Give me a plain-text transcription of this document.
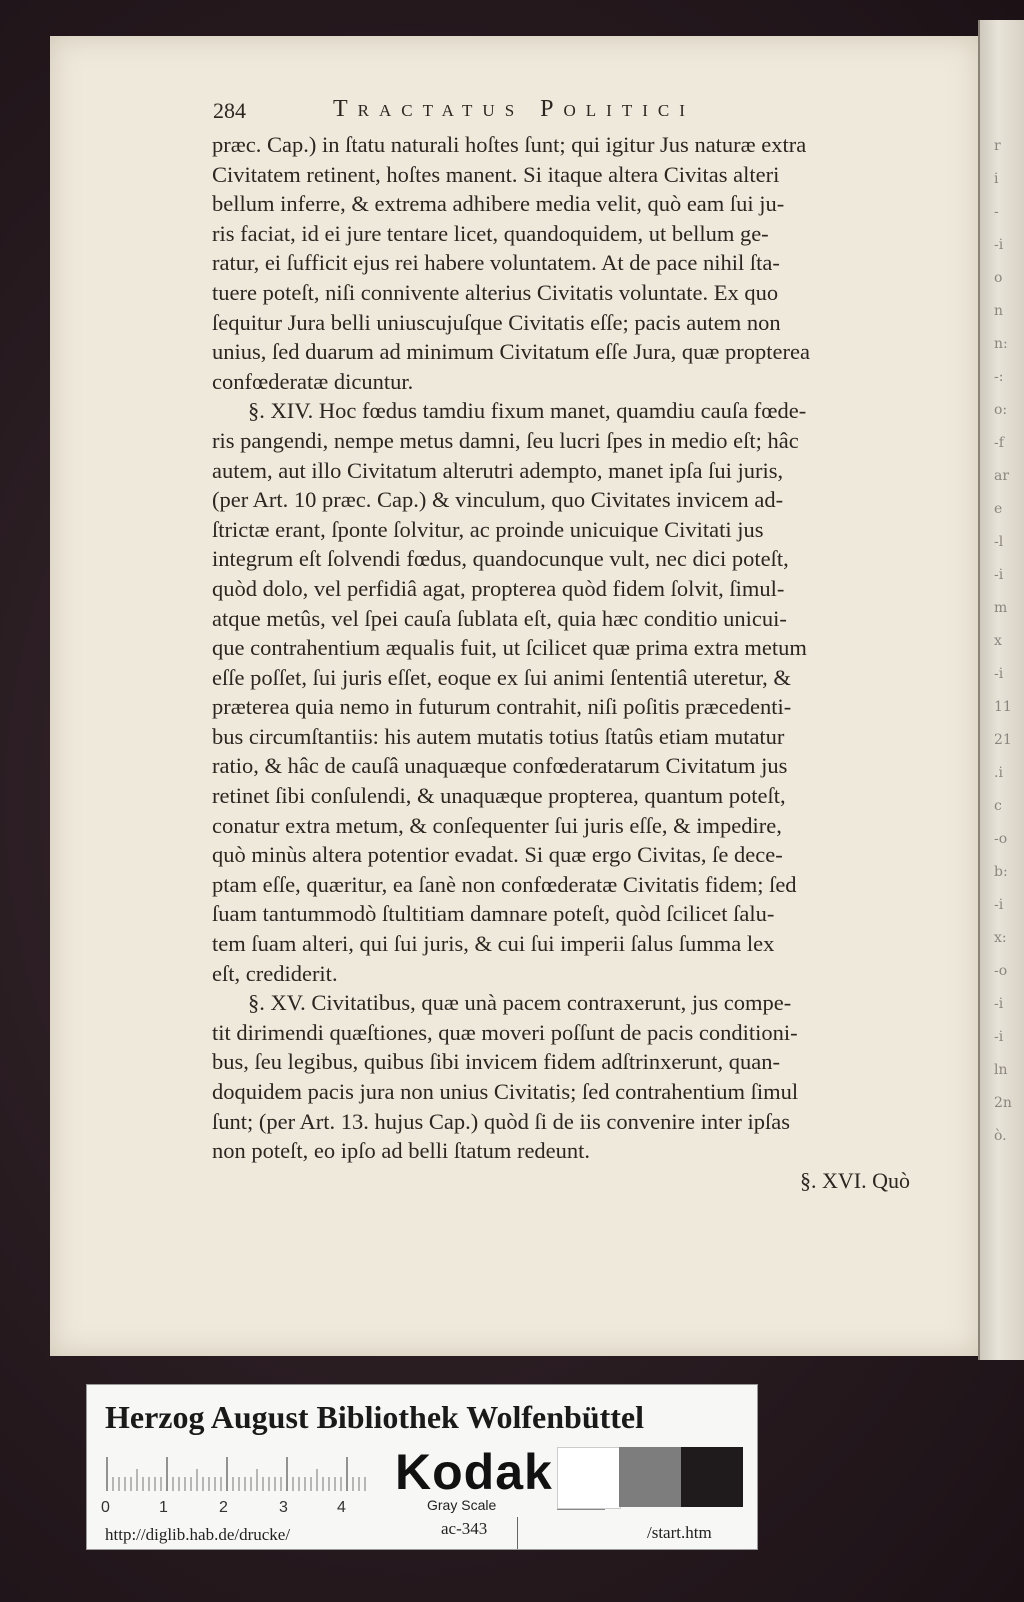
r
i
-
-i
o
n
n:
-:
o:
-f
ar
e
-l
-i
m
x
-i
11
21
.i
c
-o
b:
-i
x:
-o
-i
-i
ln
2n
ò.
284	Tractatus Politici

præc. Cap.) in ſtatu naturali hoſtes ſunt; qui igitur Jus naturæ extra

Civitatem retinent, hoſtes manent. Si itaque altera Civitas alteri

bellum inferre, & extrema adhibere media velit, quò eam ſui ju-

ris faciat, id ei jure tentare licet, quandoquidem, ut bellum ge-

ratur, ei ſufficit ejus rei habere voluntatem. At de pace nihil ſta-

tuere poteſt, niſi connivente alterius Civitatis voluntate. Ex quo

ſequitur Jura belli uniuscujuſque Civitatis eſſe; pacis autem non

unius, ſed duarum ad minimum Civitatum eſſe Jura, quæ propterea

confœderatæ dicuntur.

§. XIV. Hoc fœdus tamdiu fixum manet, quamdiu cauſa fœde-

ris pangendi, nempe metus damni, ſeu lucri ſpes in medio eſt; hâc

autem, aut illo Civitatum alterutri adempto, manet ipſa ſui juris,

(per Art. 10 præc. Cap.) & vinculum, quo Civitates invicem ad-

ſtrictæ erant, ſponte ſolvitur, ac proinde unicuique Civitati jus

integrum eſt ſolvendi fœdus, quandocunque vult, nec dici poteſt,

quòd dolo, vel perfidiâ agat, propterea quòd fidem ſolvit, ſimul-

atque metûs, vel ſpei cauſa ſublata eſt, quia hæc conditio unicui-

que contrahentium æqualis fuit, ut ſcilicet quæ prima extra metum

eſſe poſſet, ſui juris eſſet, eoque ex ſui animi ſententiâ uteretur, &

præterea quia nemo in futurum contrahit, niſi poſitis præcedenti-

bus circumſtantiis: his autem mutatis totius ſtatûs etiam mutatur

ratio, & hâc de cauſâ unaquæque confœderatarum Civitatum jus

retinet ſibi conſulendi, & unaquæque propterea, quantum poteſt,

conatur extra metum, & conſequenter ſui juris eſſe, & impedire,

quò minùs altera potentior evadat. Si quæ ergo Civitas, ſe dece-

ptam eſſe, quæritur, ea ſanè non confœderatæ Civitatis fidem; ſed

ſuam tantummodò ſtultitiam damnare poteſt, quòd ſcilicet ſalu-

tem ſuam alteri, qui ſui juris, & cui ſui imperii ſalus ſumma lex

eſt, crediderit.

§. XV. Civitatibus, quæ unà pacem contraxerunt, jus compe-

tit dirimendi quæſtiones, quæ moveri poſſunt de pacis conditioni-

bus, ſeu legibus, quibus ſibi invicem fidem adſtrinxerunt, quan-

doquidem pacis jura non unius Civitatis; ſed contrahentium ſimul

ſunt; (per Art. 13. hujus Cap.) quòd ſi de iis convenire inter ipſas

non poteſt, eo ipſo ad belli ſtatum redeunt.

§. XVI. Quò
Herzog August Bibliothek Wolfenbüttel
0	1	2	3	4
Kodak
Gray Scale
http://diglib.hab.de/drucke/	ac-343	/start.htm
